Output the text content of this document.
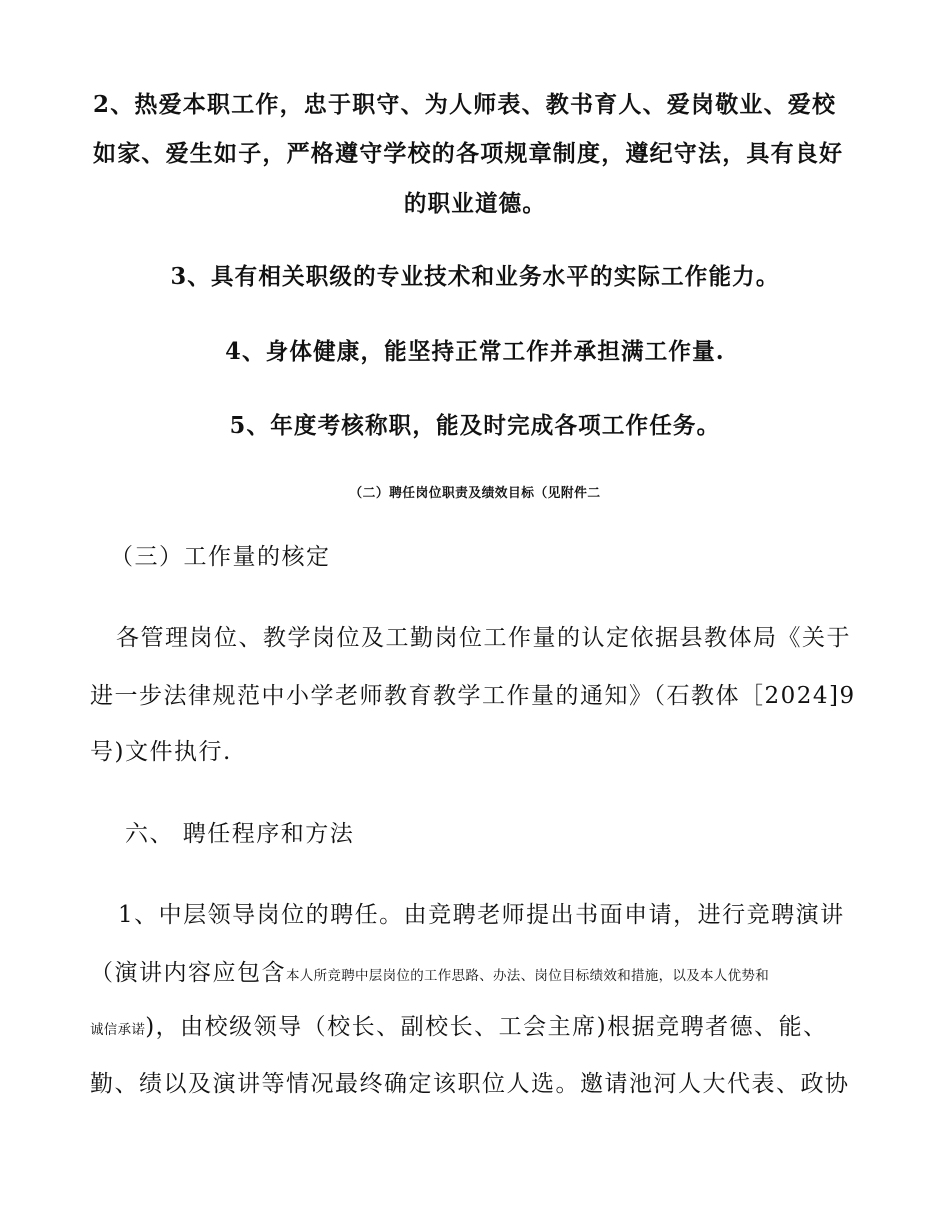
2、热爱本职工作，忠于职守、为人师表、教书育人、爱岗敬业、爱校
如家、爱生如子，严格遵守学校的各项规章制度，遵纪守法，具有良好
的职业道德。
3、具有相关职级的专业技术和业务水平的实际工作能力。
4、身体健康，能坚持正常工作并承担满工作量.
5、年度考核称职，能及时完成各项工作任务。
（二）聘任岗位职责及绩效目标（见附件二
（三）工作量的核定
各管理岗位、教学岗位及工勤岗位工作量的认定依据县教体局《关于
进一步法律规范中小学老师教育教学工作量的通知》（石教体［2024]9
号)文件执行.
六、 聘任程序和方法
1、中层领导岗位的聘任。由竞聘老师提出书面申请，进行竞聘演讲
（演讲内容应包含本人所竞聘中层岗位的工作思路、办法、岗位目标绩效和措施，以及本人优势和
诚信承诺)，由校级领导（校长、副校长、工会主席)根据竞聘者德、能、
勤、绩以及演讲等情况最终确定该职位人选。邀请池河人大代表、政协
